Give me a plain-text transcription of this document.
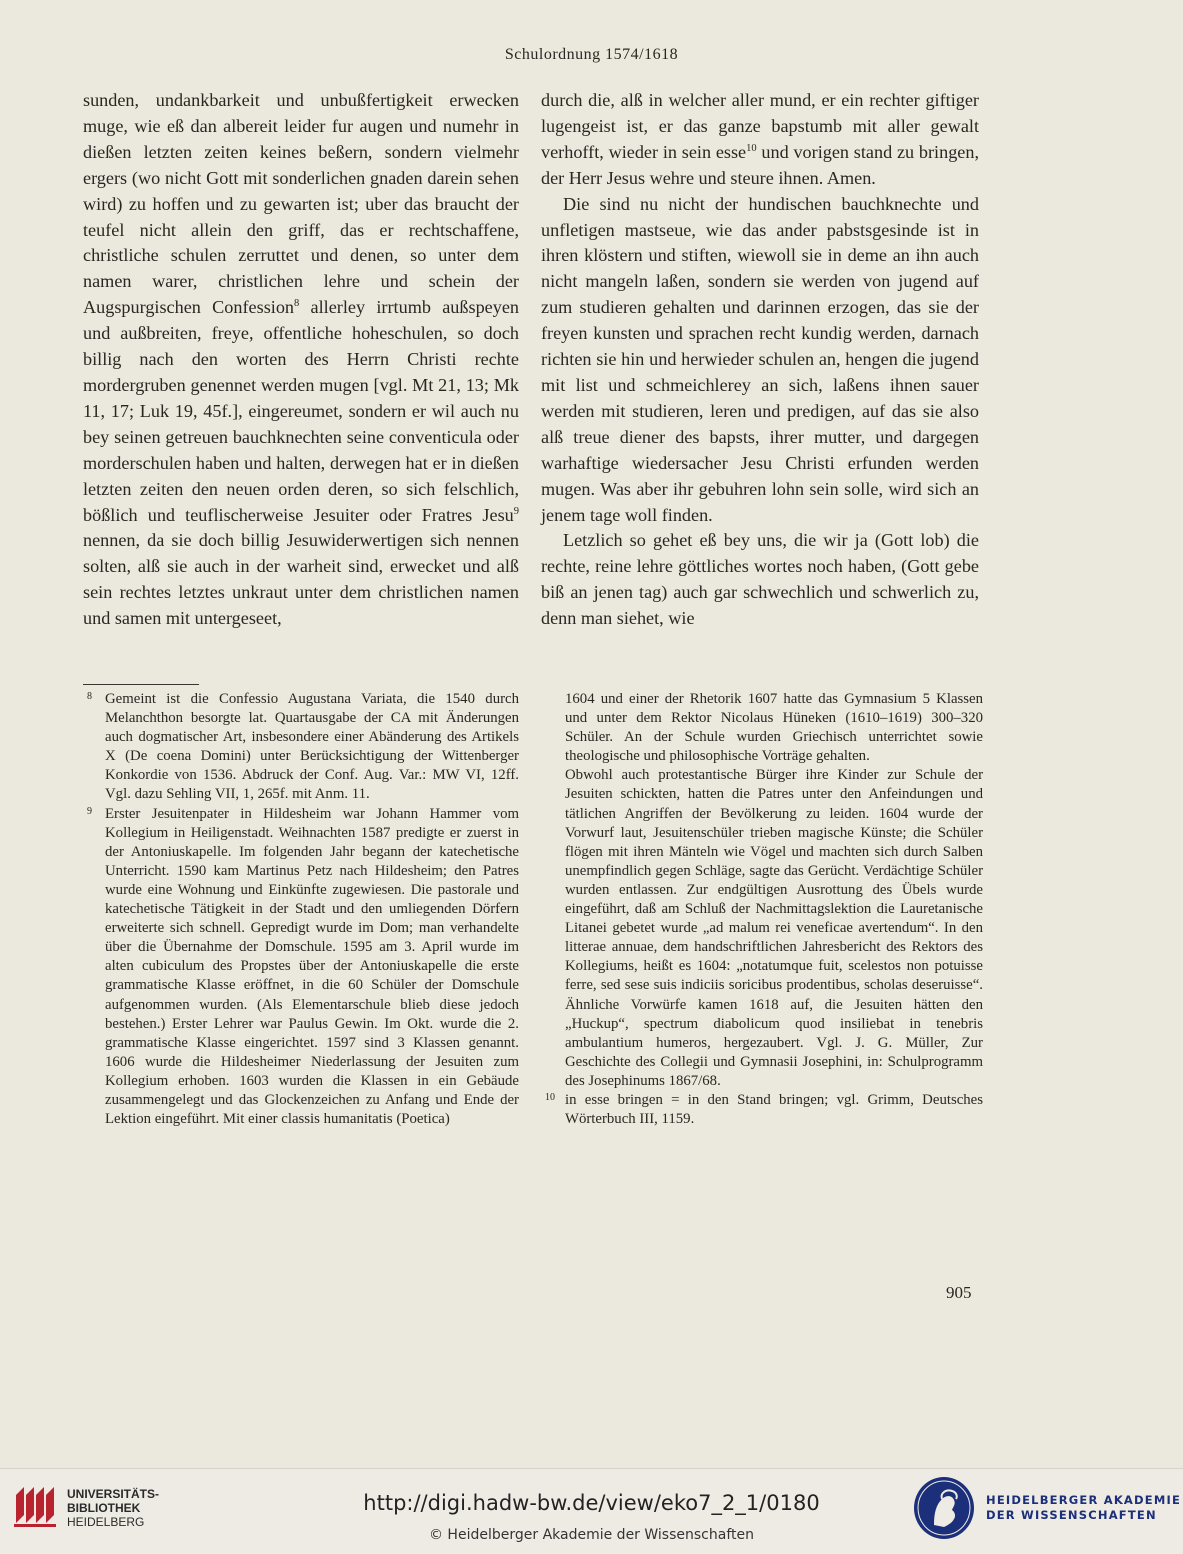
Schulordnung 1574/1618

sunden, undankbarkeit und unbußfertigkeit erwecken muge, wie eß dan albereit leider fur augen und numehr in dießen letzten zeiten keines beßern, sondern vielmehr ergers (wo nicht Gott mit sonderlichen gnaden darein sehen wird) zu hoffen und zu gewarten ist; uber das braucht der teufel nicht allein den griff, das er rechtschaffene, christliche schulen zerruttet und denen, so unter dem namen warer, christlichen lehre und schein der Augspurgischen Confession$^8$ allerley irrtumb außspeyen und außbreiten, freye, offentliche hoheschulen, so doch billig nach den worten des Herrn Christi rechte mordergruben genennet werden mugen [vgl. Mt 21, 13; Mk 11, 17; Luk 19, 45f.], eingereumet, sondern er wil auch nu bey seinen getreuen bauchknechten seine conventicula oder morderschulen haben und halten, derwegen hat er in dießen letzten zeiten den neuen orden deren, so sich felschlich, bößlich und teuflischerweise Jesuiter oder Fratres Jesu$^9$ nennen, da sie doch billig Jesuwiderwertigen sich nennen solten, alß sie auch in der warheit sind, erwecket und alß sein rechtes letztes unkraut unter dem christlichen namen und samen mit untergeseet,

durch die, alß in welcher aller mund, er ein rechter giftiger lugengeist ist, er das ganze bapstumb mit aller gewalt verhofft, wieder in sein esse$^{10}$ und vorigen stand zu bringen, der Herr Jesus wehre und steure ihnen. Amen.

Die sind nu nicht der hundischen bauchknechte und unfletigen mastseue, wie das ander pabstsgesinde ist in ihren klöstern und stiften, wiewoll sie in deme an ihn auch nicht mangeln laßen, sondern sie werden von jugend auf zum studieren gehalten und darinnen erzogen, das sie der freyen kunsten und sprachen recht kundig werden, darnach richten sie hin und herwieder schulen an, hengen die jugend mit list und schmeichlerey an sich, laßens ihnen sauer werden mit studieren, leren und predigen, auf das sie also alß treue diener des bapsts, ihrer mutter, und dargegen warhaftige wiedersacher Jesu Christi erfunden werden mugen. Was aber ihr gebuhren lohn sein solle, wird sich an jenem tage woll finden.

Letzlich so gehet eß bey uns, die wir ja (Gott lob) die rechte, reine lehre göttliches wortes noch haben, (Gott gebe biß an jenen tag) auch gar schwechlich und schwerlich zu, denn man siehet, wie

8 Gemeint ist die Confessio Augustana Variata, die 1540 durch Melanchthon besorgte lat. Quartausgabe der CA mit Änderungen auch dogmatischer Art, insbesondere einer Abänderung des Artikels X (De coena Domini) unter Berücksichtigung der Wittenberger Konkordie von 1536. Abdruck der Conf. Aug. Var.: MW VI, 12ff. Vgl. dazu Sehling VII, 1, 265f. mit Anm. 11.
9 Erster Jesuitenpater in Hildesheim war Johann Hammer vom Kollegium in Heiligenstadt. Weihnachten 1587 predigte er zuerst in der Antoniuskapelle. Im folgenden Jahr begann der katechetische Unterricht. 1590 kam Martinus Petz nach Hildesheim; den Patres wurde eine Wohnung und Einkünfte zugewiesen. Die pastorale und katechetische Tätigkeit in der Stadt und den umliegenden Dörfern erweiterte sich schnell. Gepredigt wurde im Dom; man verhandelte über die Übernahme der Domschule. 1595 am 3. April wurde im alten cubiculum des Propstes über der Antoniuskapelle die erste grammatische Klasse eröffnet, in die 60 Schüler der Domschule aufgenommen wurden. (Als Elementarschule blieb diese jedoch bestehen.) Erster Lehrer war Paulus Gewin. Im Okt. wurde die 2. grammatische Klasse eingerichtet. 1597 sind 3 Klassen genannt. 1606 wurde die Hildesheimer Niederlassung der Jesuiten zum Kollegium erhoben. 1603 wurden die Klassen in ein Gebäude zusammengelegt und das Glockenzeichen zu Anfang und Ende der Lektion eingeführt. Mit einer classis humanitatis (Poetica)
1604 und einer der Rhetorik 1607 hatte das Gymnasium 5 Klassen und unter dem Rektor Nicolaus Hüneken (1610–1619) 300–320 Schüler. An der Schule wurden Griechisch unterrichtet sowie theologische und philosophische Vorträge gehalten.
Obwohl auch protestantische Bürger ihre Kinder zur Schule der Jesuiten schickten, hatten die Patres unter den Anfeindungen und tätlichen Angriffen der Bevölkerung zu leiden. 1604 wurde der Vorwurf laut, Jesuitenschüler trieben magische Künste; die Schüler flögen mit ihren Mänteln wie Vögel und machten sich durch Salben unempfindlich gegen Schläge, sagte das Gerücht. Verdächtige Schüler wurden entlassen. Zur endgültigen Ausrottung des Übels wurde eingeführt, daß am Schluß der Nachmittagslektion die Lauretanische Litanei gebetet wurde „ad malum rei veneficae avertendum“. In den litterae annuae, dem handschriftlichen Jahresbericht des Rektors des Kollegiums, heißt es 1604: „notatumque fuit, scelestos non potuisse ferre, sed sese suis indiciis soricibus prodentibus, scholas deseruisse“. Ähnliche Vorwürfe kamen 1618 auf, die Jesuiten hätten den „Huckup“, spectrum diabolicum quod insiliebat in tenebris ambulantium humeros, hergezaubert. Vgl. J. G. Müller, Zur Geschichte des Collegii und Gymnasii Josephini, in: Schulprogramm des Josephinums 1867/68.
10 in esse bringen = in den Stand bringen; vgl. Grimm, Deutsches Wörterbuch III, 1159.
905
UNIVERSITÄTS-
BIBLIOTHEK
HEIDELBERG
http://digi.hadw-bw.de/view/eko7_2_1/0180
© Heidelberger Akademie der Wissenschaften
HEIDELBERGER AKADEMIE
DER WISSENSCHAFTEN
